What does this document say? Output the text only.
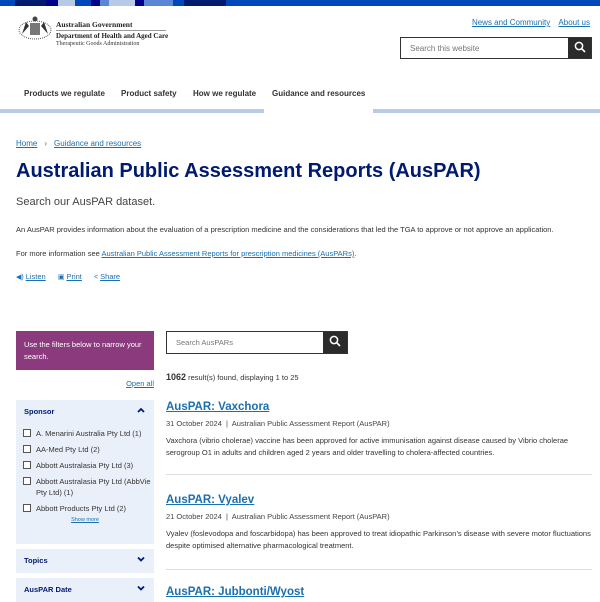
Australian Government
Department of Health and Aged Care
Therapeutic Goods Administration
News and Community About us
Search this website
Products we regulate Product safety How we regulate Guidance and resources
Home › Guidance and resources
Australian Public Assessment Reports (AusPAR)
Search our AusPAR dataset.
An AusPAR provides information about the evaluation of a prescription medicine and the considerations that led the TGA to approve or not approve an application.
For more information see Australian Public Assessment Reports for prescription medicines (AusPARs).
◀) Listen ▣ Print < Share
Use the filters below to narrow your search.
Open all
Sponsor
A. Menarini Australia Pty Ltd (1)
AA-Med Pty Ltd (2)
Abbott Australasia Pty Ltd (3)
Abbott Australasia Pty Ltd (AbbVie Pty Ltd) (1)
Abbott Products Pty Ltd (2)
Show more
Topics
AusPAR Date
Search AusPARs
1062 result(s) found, displaying 1 to 25
AusPAR: Vaxchora
31 October 2024  |  Australian Public Assessment Report (AusPAR)
Vaxchora (vibrio cholerae) vaccine has been approved for active immunisation against disease caused by Vibrio cholerae serogroup O1 in adults and children aged 2 years and older travelling to cholera-affected countries.
AusPAR: Vyalev
21 October 2024  |  Australian Public Assessment Report (AusPAR)
Vyalev (foslevodopa and foscarbidopa) has been approved to treat idiopathic Parkinson’s disease with severe motor fluctuations despite optimised alternative pharmacological treatment.
AusPAR: Jubbonti/Wyost
